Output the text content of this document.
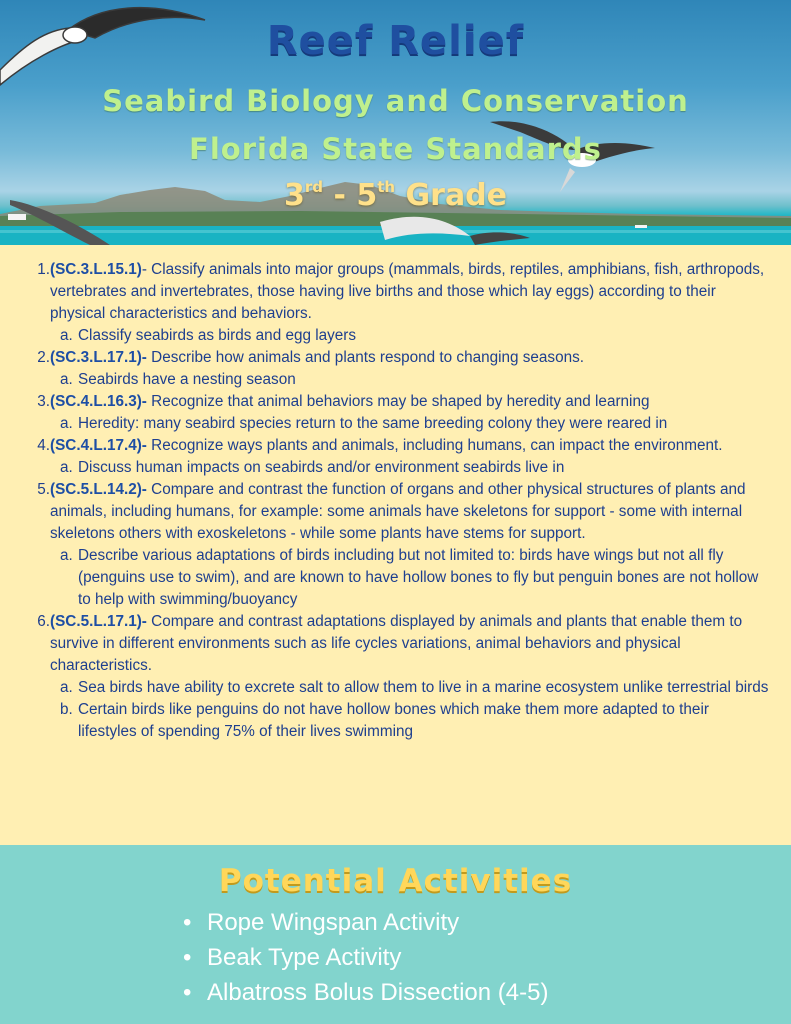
Reef Relief
Seabird Biology and Conservation
Florida State Standards
3rd - 5th Grade
1. (SC.3.L.15.1)- Classify animals into major groups (mammals, birds, reptiles, amphibians, fish, arthropods, vertebrates and invertebrates, those having live births and those which lay eggs) according to their physical characteristics and behaviors.
a. Classify seabirds as birds and egg layers
2. (SC.3.L.17.1)- Describe how animals and plants respond to changing seasons.
a. Seabirds have a nesting season
3. (SC.4.L.16.3)- Recognize that animal behaviors may be shaped by heredity and learning
a. Heredity: many seabird species return to the same breeding colony they were reared in
4. (SC.4.L.17.4)- Recognize ways plants and animals, including humans, can impact the environment.
a. Discuss human impacts on seabirds and/or environment seabirds live in
5. (SC.5.L.14.2)- Compare and contrast the function of organs and other physical structures of plants and animals, including humans, for example: some animals have skeletons for support - some with internal skeletons others with exoskeletons - while some plants have stems for support.
a. Describe various adaptations of birds including but not limited to: birds have wings but not all fly (penguins use to swim), and are known to have hollow bones to fly but penguin bones are not hollow to help with swimming/buoyancy
6. (SC.5.L.17.1)- Compare and contrast adaptations displayed by animals and plants that enable them to survive in different environments such as life cycles variations, animal behaviors and physical characteristics.
a. Sea birds have ability to excrete salt to allow them to live in a marine ecosystem unlike terrestrial birds
b. Certain birds like penguins do not have hollow bones which make them more adapted to their lifestyles of spending 75% of their lives swimming
Potential Activities
• Rope Wingspan Activity
• Beak Type Activity
• Albatross Bolus Dissection (4-5)
